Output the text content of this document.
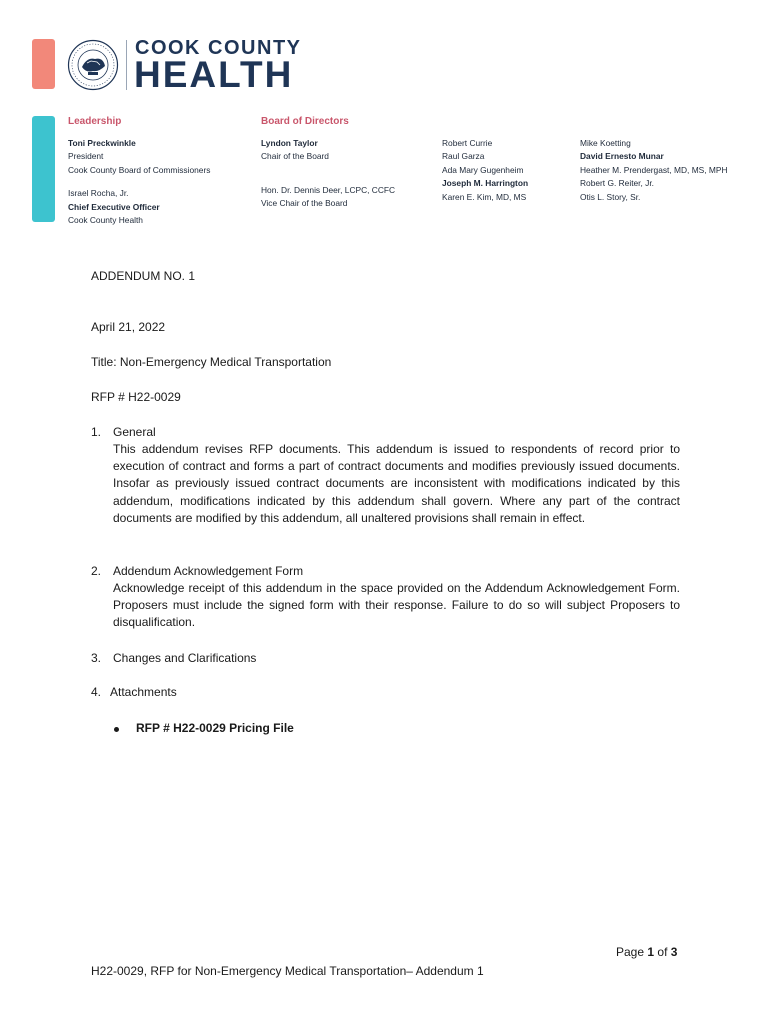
COOK COUNTY
HEALTH
Leadership
Toni Preckwinkle
President
Cook County Board of Commissioners
Israel Rocha, Jr.
Chief Executive Officer
Cook County Health
Board of Directors
Lyndon Taylor
Chair of the Board
Hon. Dr. Dennis Deer, LCPC, CCFC
Vice Chair of the Board
Robert Currie
Raul Garza
Ada Mary Gugenheim
Joseph M. Harrington
Karen E. Kim, MD, MS
Mike Koetting
David Ernesto Munar
Heather M. Prendergast, MD, MS, MPH
Robert G. Reiter, Jr.
Otis L. Story, Sr.
ADDENDUM NO. 1
April 21, 2022
Title: Non-Emergency Medical Transportation
RFP # H22-0029
1. General
This addendum revises RFP documents. This addendum is issued to respondents of record prior to execution of contract and forms a part of contract documents and modifies previously issued documents. Insofar as previously issued contract documents are inconsistent with modifications indicated by this addendum, modifications indicated by this addendum shall govern. Where any part of the contract documents are modified by this addendum, all unaltered provisions shall remain in effect.
2. Addendum Acknowledgement Form
Acknowledge receipt of this addendum in the space provided on the Addendum Acknowledgement Form. Proposers must include the signed form with their response. Failure to do so will subject Proposers to disqualification.
3. Changes and Clarifications
4. Attachments
RFP # H22-0029 Pricing File
Page 1 of 3
H22-0029, RFP for Non-Emergency Medical Transportation– Addendum 1
